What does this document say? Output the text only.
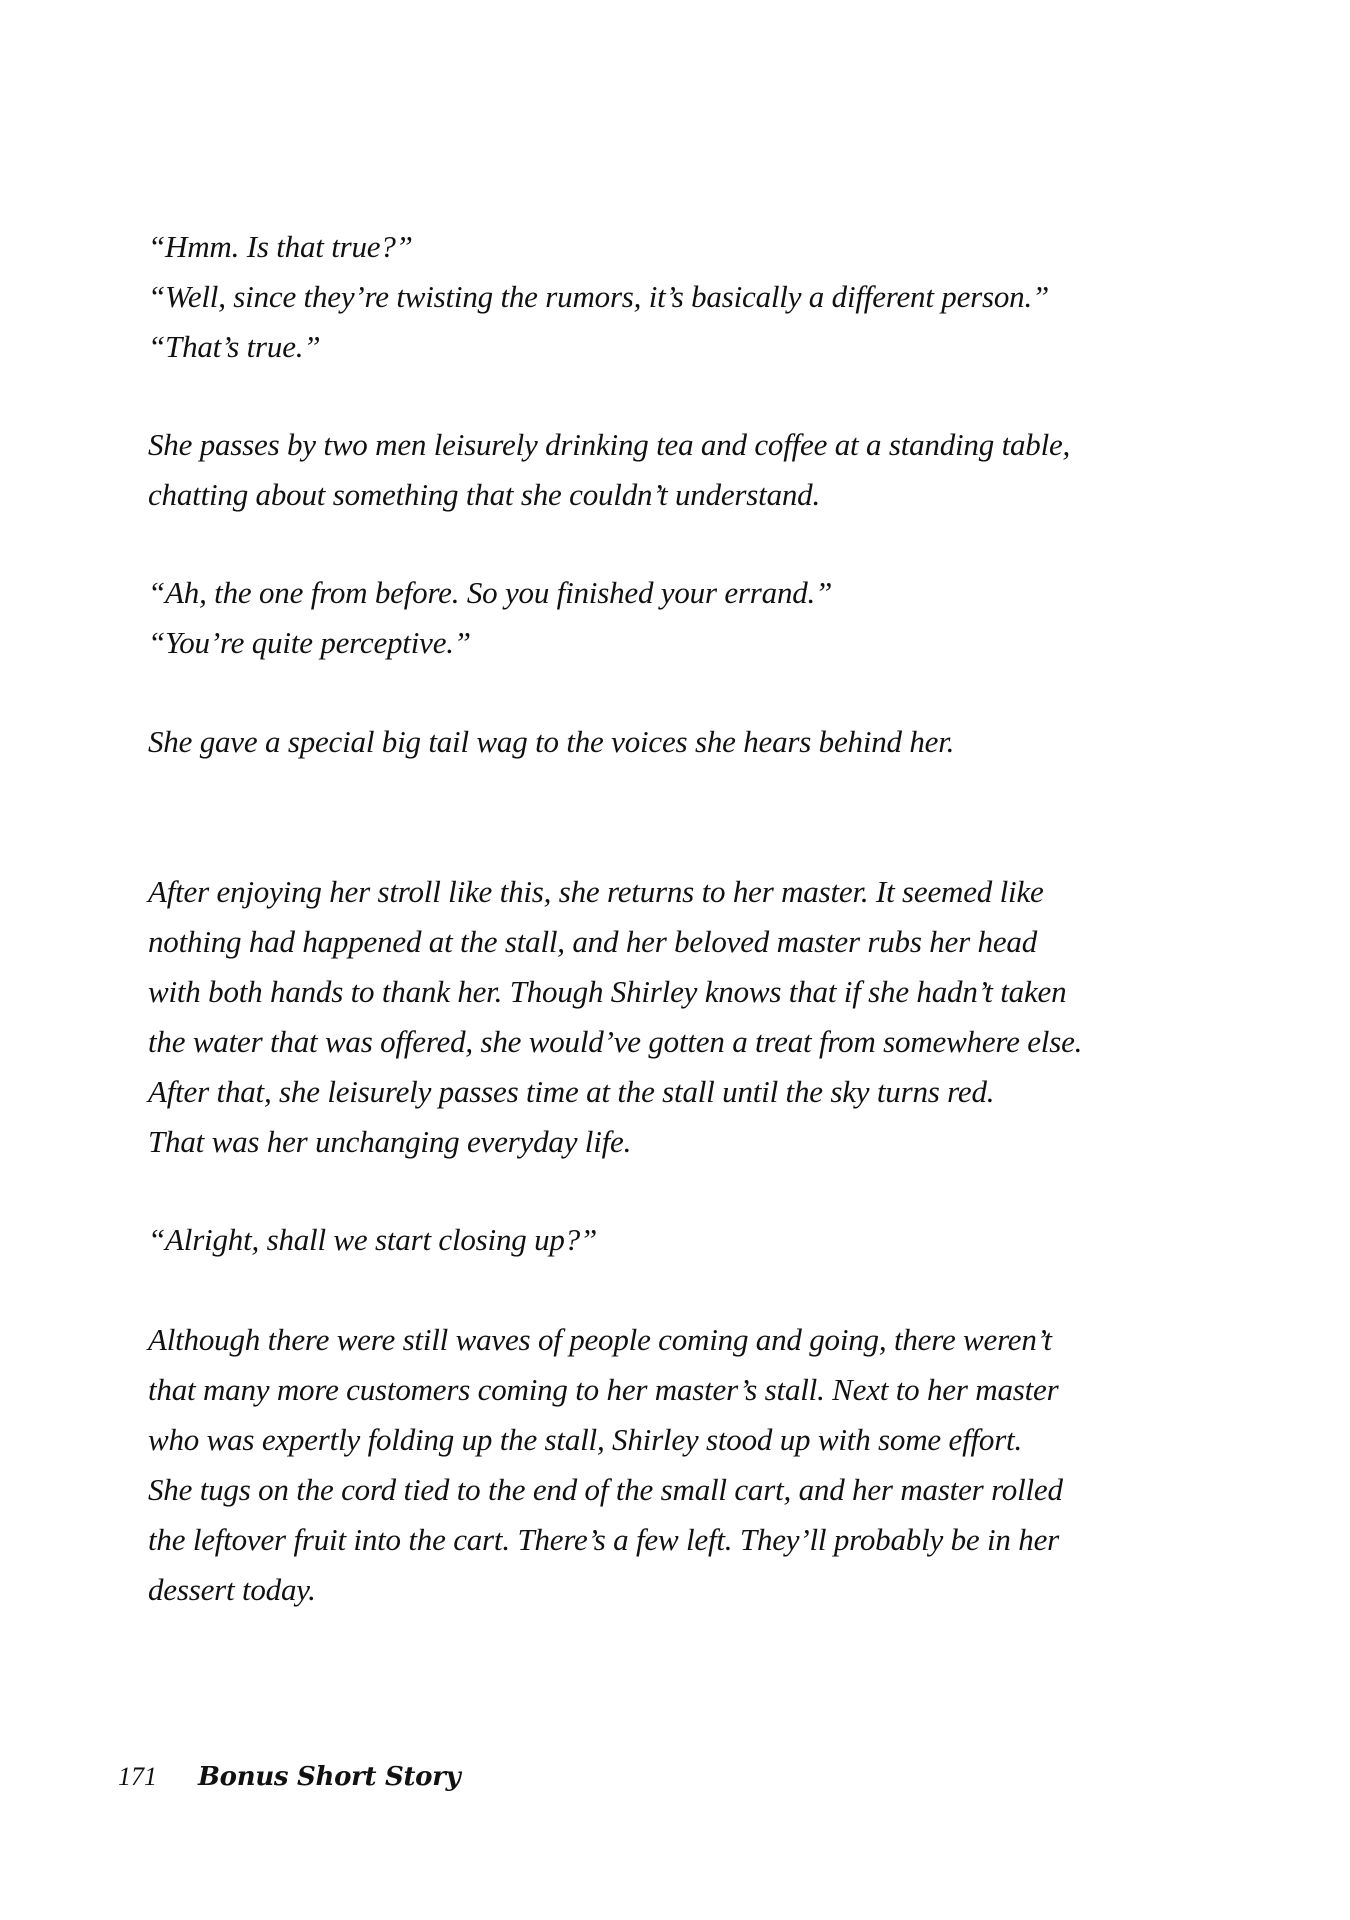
“Hmm. Is that true?”
“Well, since they’re twisting the rumors, it’s basically a different person.”
“That’s true.”
She passes by two men leisurely drinking tea and coffee at a standing table,
chatting about something that she couldn’t understand.
“Ah, the one from before. So you finished your errand.”
“You’re quite perceptive.”
She gave a special big tail wag to the voices she hears behind her.
After enjoying her stroll like this, she returns to her master. It seemed like
nothing had happened at the stall, and her beloved master rubs her head
with both hands to thank her. Though Shirley knows that if she hadn’t taken
the water that was offered, she would’ve gotten a treat from somewhere else.
After that, she leisurely passes time at the stall until the sky turns red.
That was her unchanging everyday life.
“Alright, shall we start closing up?”
Although there were still waves of people coming and going, there weren’t
that many more customers coming to her master’s stall. Next to her master
who was expertly folding up the stall, Shirley stood up with some effort.
She tugs on the cord tied to the end of the small cart, and her master rolled
the leftover fruit into the cart. There’s a few left. They’ll probably be in her
dessert today.
171	Bonus Short Story
